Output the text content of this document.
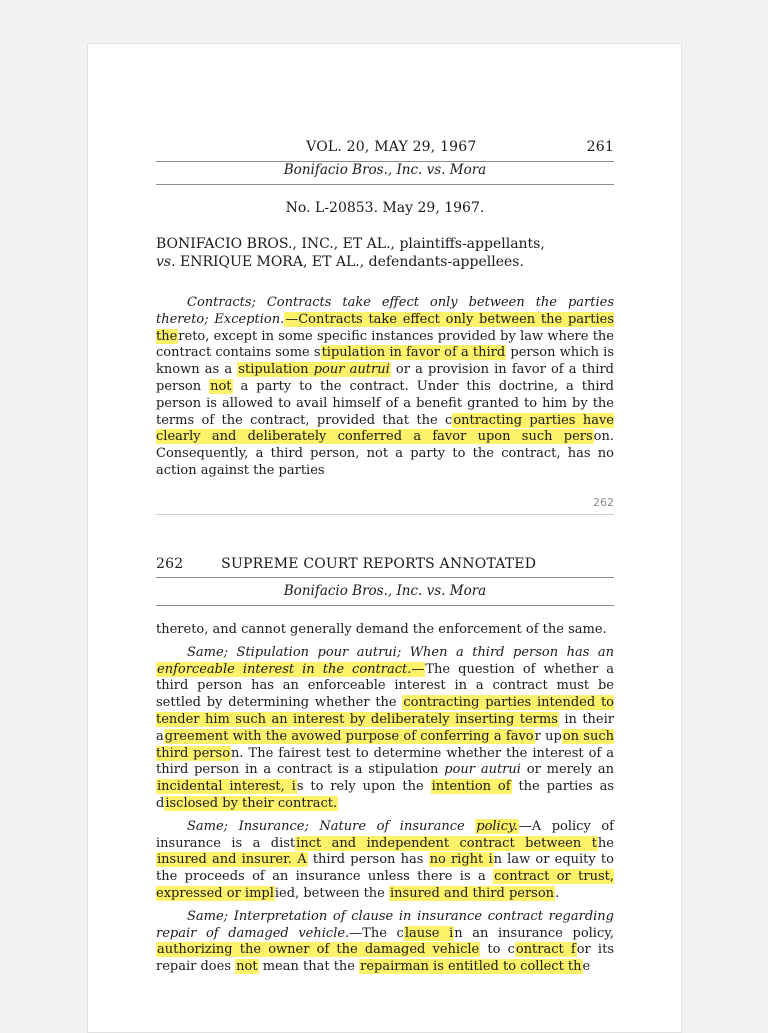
VOL. 20, MAY 29, 1967	261
Bonifacio Bros., Inc. vs. Mora
No. L-20853. May 29, 1967.
BONIFACIO BROS., INC., ET AL., plaintiffs-appellants,
vs. ENRIQUE MORA, ET AL., defendants-appellees.

Contracts; Contracts take effect only between the parties thereto; Exception.—Contracts take effect only between the parties thereto, except in some specific instances provided by law where the contract contains some stipulation in favor of a third person which is known as a stipulation pour autrui or a provision in favor of a third person not a party to the contract. Under this doctrine, a third person is allowed to avail himself of a benefit granted to him by the terms of the contract, provided that the contracting parties have clearly and deliberately conferred a favor upon such person. Consequently, a third person, not a party to the contract, has no action against the parties

262
262	SUPREME COURT REPORTS ANNOTATED
Bonifacio Bros., Inc. vs. Mora

thereto, and cannot generally demand the enforcement of the same.

Same; Stipulation pour autrui; When a third person has an enforceable interest in the contract.—The question of whether a third person has an enforceable interest in a contract must be settled by determining whether the contracting parties intended to tender him such an interest by deliberately inserting terms in their agreement with the avowed purpose of conferring a favor upon such third person. The fairest test to determine whether the interest of a third person in a contract is a stipulation pour autrui or merely an incidental interest, is to rely upon the intention of the parties as disclosed by their contract.

Same; Insurance; Nature of insurance policy.—A policy of insurance is a distinct and independent contract between the insured and insurer. A third person has no right in law or equity to the proceeds of an insurance unless there is a contract or trust, expressed or implied, between the insured and third person.

Same; Interpretation of clause in insurance contract regarding repair of damaged vehicle.—The clause in an insurance policy, authorizing the owner of the damaged vehicle to contract for its repair does not mean that the repairman is entitled to collect the
